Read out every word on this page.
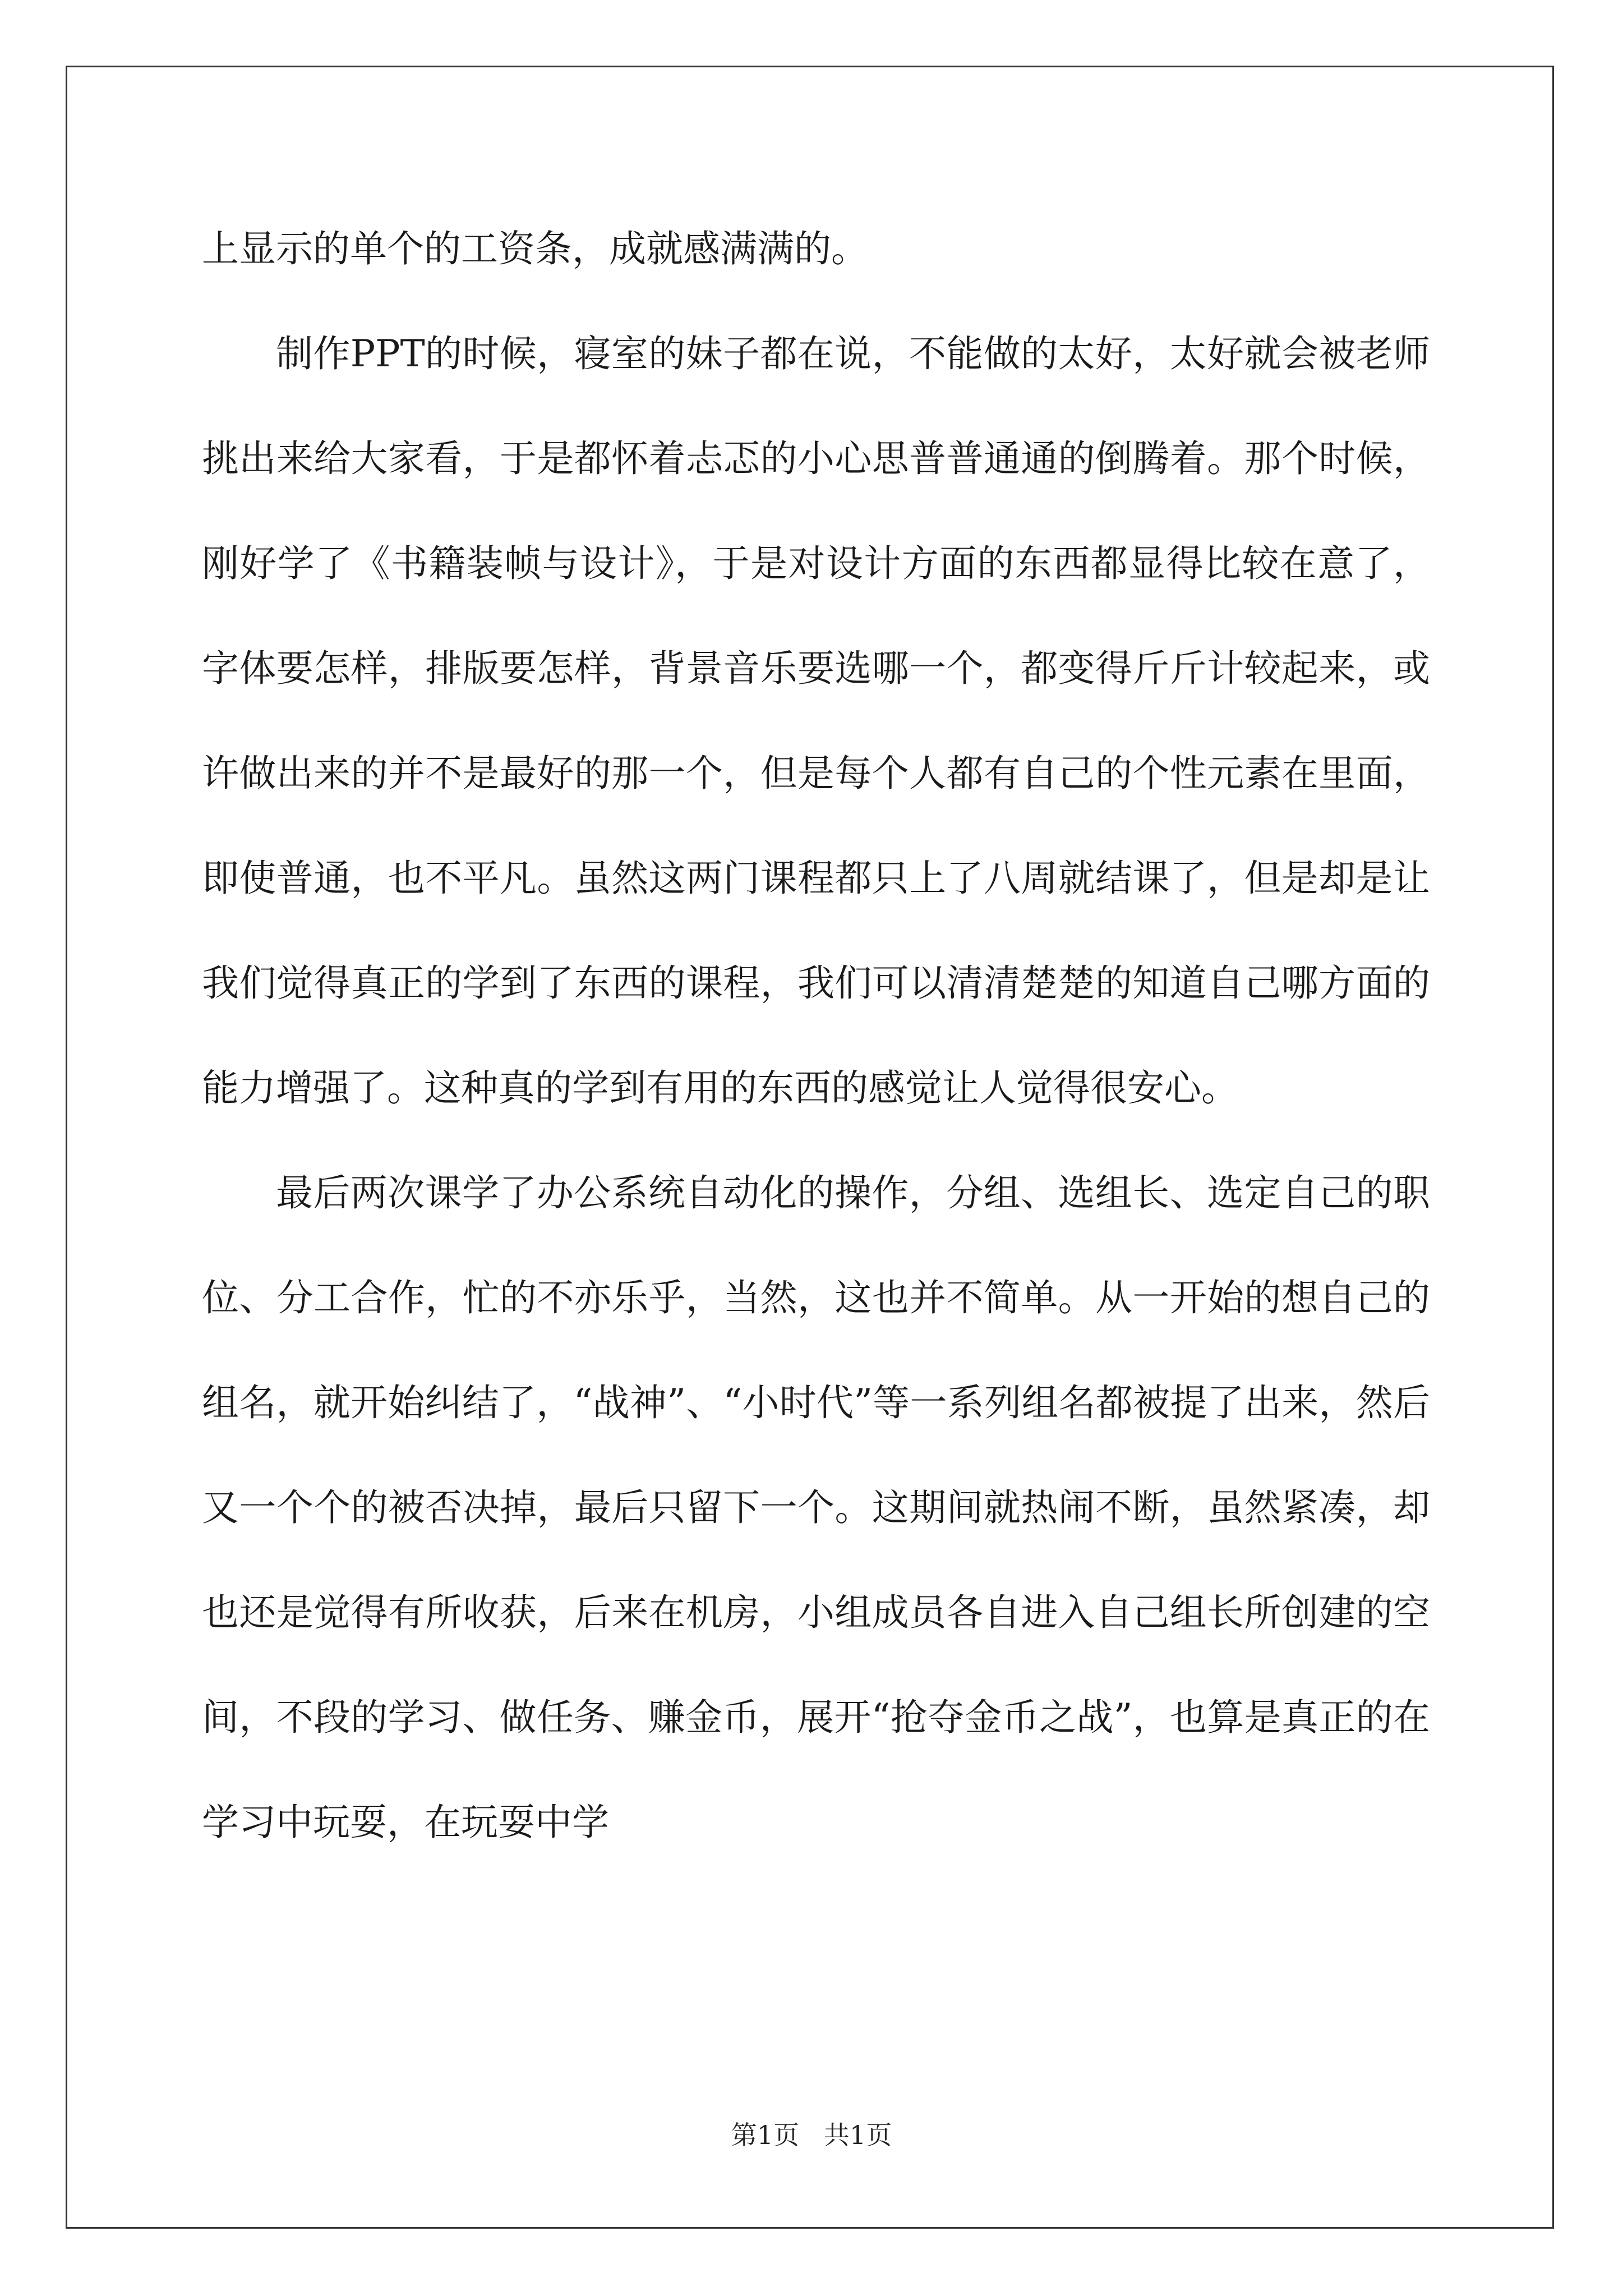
上显示的单个的工资条，成就感满满的。

制作PPT的时候，寝室的妹子都在说，不能做的太好，太好就会被老师挑出来给大家看，于是都怀着忐忑的小心思普普通通的倒腾着。那个时候，刚好学了《书籍装帧与设计》，于是对设计方面的东西都显得比较在意了，字体要怎样，排版要怎样，背景音乐要选哪一个，都变得斤斤计较起来，或许做出来的并不是最好的那一个，但是每个人都有自己的个性元素在里面，即使普通，也不平凡。虽然这两门课程都只上了八周就结课了，但是却是让我们觉得真正的学到了东西的课程，我们可以清清楚楚的知道自己哪方面的能力增强了。这种真的学到有用的东西的感觉让人觉得很安心。

最后两次课学了办公系统自动化的操作，分组、选组长、选定自己的职位、分工合作，忙的不亦乐乎，当然，这也并不简单。从一开始的想自己的组名，就开始纠结了，“战神”、“小时代”等一系列组名都被提了出来，然后又一个个的被否决掉，最后只留下一个。这期间就热闹不断，虽然紧凑，却也还是觉得有所收获，后来在机房，小组成员各自进入自己组长所创建的空间，不段的学习、做任务、赚金币，展开“抢夺金币之战”，也算是真正的在学习中玩耍，在玩耍中学

第1页   共1页
